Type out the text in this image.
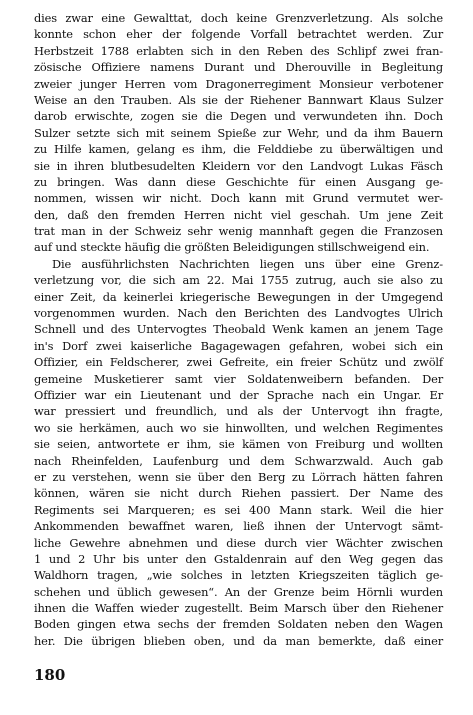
dies zwar eine Gewalttat, doch keine Grenzverletzung. Als solche
konnte schon eher der folgende Vorfall betrachtet werden. Zur
Herbstzeit 1788 erlabten sich in den Reben des Schlipf zwei fran-
zösische Offiziere namens Durant und Dherouville in Begleitung
zweier junger Herren vom Dragonerregiment Monsieur verbotener
Weise an den Trauben. Als sie der Riehener Bannwart Klaus Sulzer
darob erwischte, zogen sie die Degen und verwundeten ihn. Doch
Sulzer setzte sich mit seinem Spieße zur Wehr, und da ihm Bauern
zu Hilfe kamen, gelang es ihm, die Felddiebe zu überwältigen und
sie in ihren blutbesudelten Kleidern vor den Landvogt Lukas Fäsch
zu bringen. Was dann diese Geschichte für einen Ausgang ge-
nommen, wissen wir nicht. Doch kann mit Grund vermutet wer-
den, daß den fremden Herren nicht viel geschah. Um jene Zeit
trat man in der Schweiz sehr wenig mannhaft gegen die Franzosen
auf und steckte häufig die größten Beleidigungen stillschweigend ein.
Die ausführlichsten Nachrichten liegen uns über eine Grenz-
verletzung vor, die sich am 22. Mai 1755 zutrug, auch sie also zu
einer Zeit, da keinerlei kriegerische Bewegungen in der Umgegend
vorgenommen wurden. Nach den Berichten des Landvogtes Ulrich
Schnell und des Untervogtes Theobald Wenk kamen an jenem Tage
in's Dorf zwei kaiserliche Bagagewagen gefahren, wobei sich ein
Offizier, ein Feldscherer, zwei Gefreite, ein freier Schütz und zwölf
gemeine Musketierer samt vier Soldatenweibern befanden. Der
Offizier war ein Lieutenant und der Sprache nach ein Ungar. Er
war pressiert und freundlich, und als der Untervogt ihn fragte,
wo sie herkämen, auch wo sie hinwollten, und welchen Regimentes
sie seien, antwortete er ihm, sie kämen von Freiburg und wollten
nach Rheinfelden, Laufenburg und dem Schwarzwald. Auch gab
er zu verstehen, wenn sie über den Berg zu Lörrach hätten fahren
können, wären sie nicht durch Riehen passiert. Der Name des
Regiments sei Marqueren; es sei 400 Mann stark. Weil die hier
Ankommenden bewaffnet waren, ließ ihnen der Untervogt sämt-
liche Gewehre abnehmen und diese durch vier Wächter zwischen
1 und 2 Uhr bis unter den Gstaldenrain auf den Weg gegen das
Waldhorn tragen, „wie solches in letzten Kriegszeiten täglich ge-
schehen und üblich gewesen“. An der Grenze beim Hörnli wurden
ihnen die Waffen wieder zugestellt. Beim Marsch über den Riehener
Boden gingen etwa sechs der fremden Soldaten neben den Wagen
her. Die übrigen blieben oben, und da man bemerkte, daß einer
180
